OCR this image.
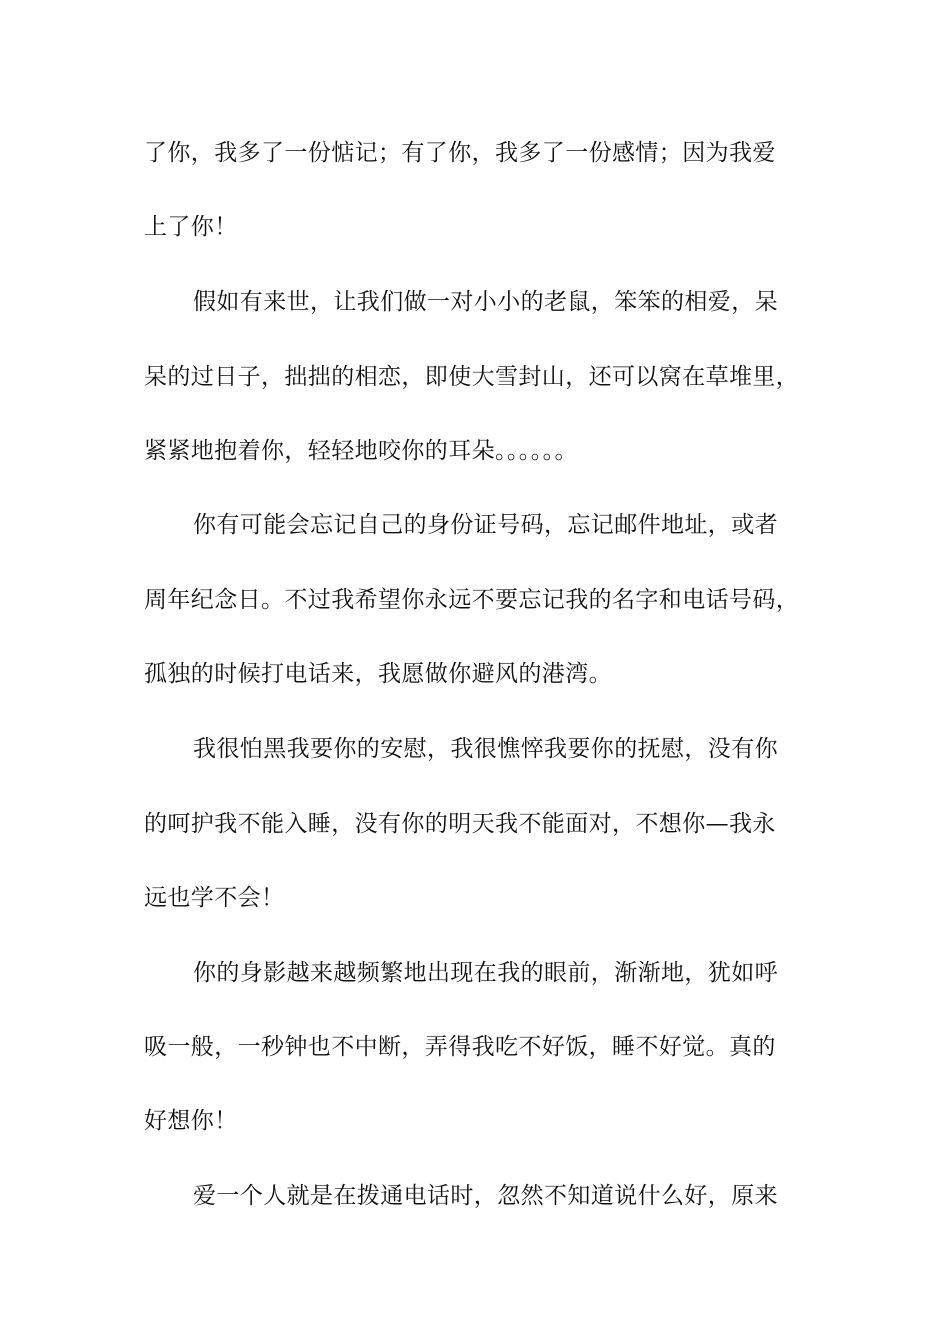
了你，我多了一份惦记；有了你，我多了一份感情；因为我爱
上了你！
假如有来世，让我们做一对小小的老鼠，笨笨的相爱，呆
呆的过日子，拙拙的相恋，即使大雪封山，还可以窝在草堆里，
紧紧地抱着你，轻轻地咬你的耳朵。。。。。。
你有可能会忘记自己的身份证号码，忘记邮件地址，或者
周年纪念日。不过我希望你永远不要忘记我的名字和电话号码，
孤独的时候打电话来，我愿做你避风的港湾。
我很怕黑我要你的安慰，我很憔悴我要你的抚慰，没有你
的呵护我不能入睡，没有你的明天我不能面对，不想你—我永
远也学不会！
你的身影越来越频繁地出现在我的眼前，渐渐地，犹如呼
吸一般，一秒钟也不中断，弄得我吃不好饭，睡不好觉。真的
好想你！
爱一个人就是在拨通电话时，忽然不知道说什么好，原来
